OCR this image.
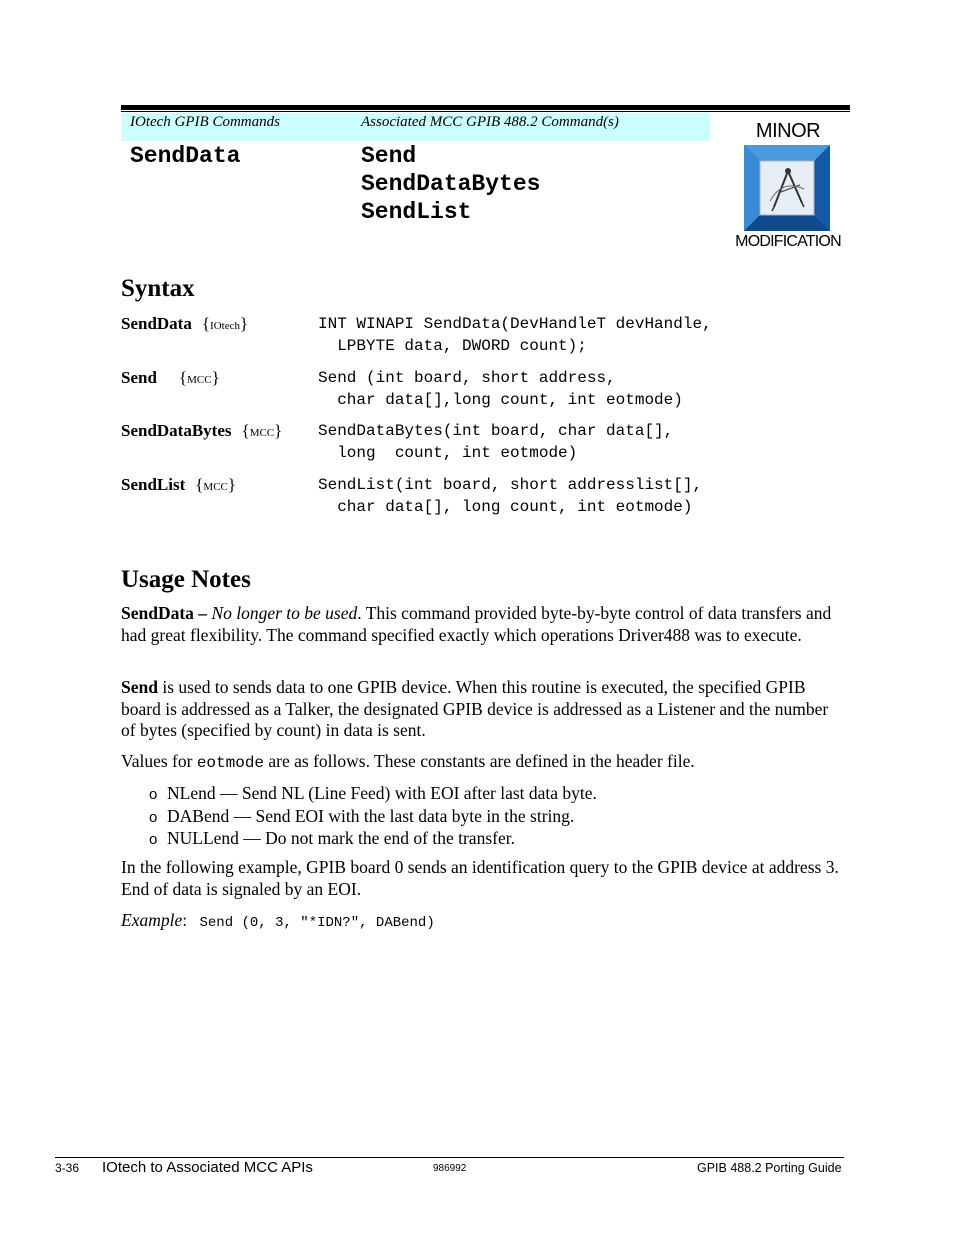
IOtech GPIB Commands	Associated MCC GPIB 488.2 Command(s)
SendData	Send
SendDataBytes
SendList
MINOR
MODIFICATION
Syntax
SendData {IOtech}	INT WINAPI SendData(DevHandleT devHandle,
LPBYTE data, DWORD count);
Send {MCC}	Send (int board, short address,
char data[],long count, int eotmode)
SendDataBytes {MCC} SendDataBytes(int board, char data[],
long  count, int eotmode)
SendList {MCC}	SendList(int board, short addresslist[],
char data[], long count, int eotmode)
Usage Notes

SendData – No longer to be used. This command provided byte-by-byte control of data transfers and had great flexibility. The command specified exactly which operations Driver488 was to execute.

Send is used to sends data to one GPIB device. When this routine is executed, the specified GPIB board is addressed as a Talker, the designated GPIB device is addressed as a Listener and the number of bytes (specified by count) in data is sent.

Values for eotmode are as follows. These constants are defined in the header file.

o NLend — Send NL (Line Feed) with EOI after last data byte.
o DABend — Send EOI with the last data byte in the string.
o NULLend — Do not mark the end of the transfer.

In the following example, GPIB board 0 sends an identification query to the GPIB device at address 3. End of data is signaled by an EOI.

Example: Send (0, 3, "*IDN?", DABend)
3-36 IOtech to Associated MCC APIs	986992	GPIB 488.2 Porting Guide
